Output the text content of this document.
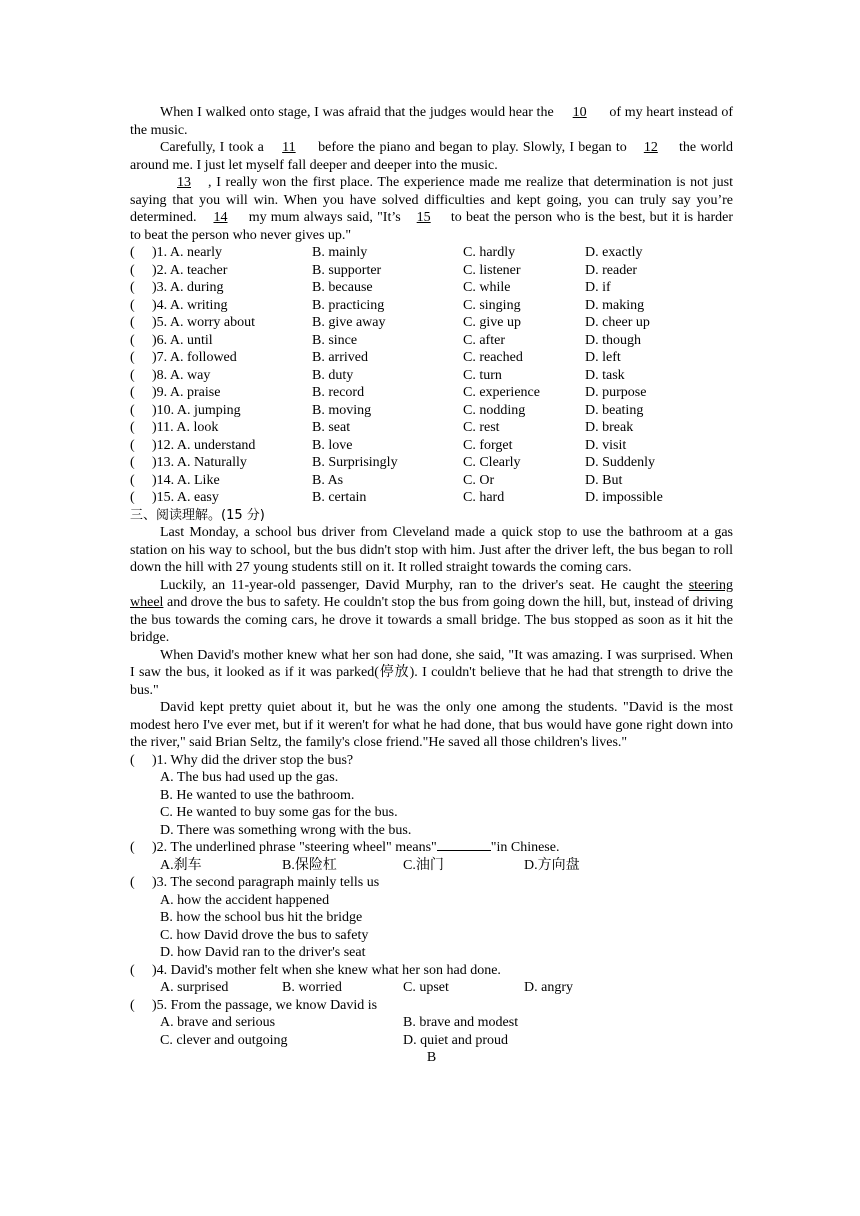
When I walked onto stage, I was afraid that the judges would hear the 10 of my heart instead of the music.

Carefully, I took a 11 before the piano and began to play. Slowly, I began to 12 the world around me. I just let myself fall deeper and deeper into the music.

13 , I really won the first place. The experience made me realize that determination is not just saying that you will win. When you have solved difficulties and kept going, you can truly say you’re determined. 14 my mum always said, "It’s 15 to beat the person who is the best, but it is harder to beat the person who never gives up."

( )1. A. nearly	B. mainly	C. hardly	D. exactly
( )2. A. teacher	B. supporter	C. listener	D. reader
( )3. A. during	B. because	C. while	D. if
( )4. A. writing	B. practicing	C. singing	D. making
( )5. A. worry about	B. give away	C. give up	D. cheer up
( )6. A. until	B. since	C. after	D. though
( )7. A. followed	B. arrived	C. reached	D. left
( )8. A. way	B. duty	C. turn	D. task
( )9. A. praise	B. record	C. experience	D. purpose
( )10. A. jumping	B. moving	C. nodding	D. beating
( )11. A. look	B. seat	C. rest	D. break
( )12. A. understand	B. love	C. forget	D. visit
( )13. A. Naturally	B. Surprisingly	C. Clearly	D. Suddenly
( )14. A. Like	B. As	C. Or	D. But
( )15. A. easy	B. certain	C. hard	D. impossible
三、阅读理解。(15 分)

Last Monday, a school bus driver from Cleveland made a quick stop to use the bathroom at a gas station on his way to school, but the bus didn't stop with him. Just after the driver left, the bus began to roll down the hill with 27 young students still on it. It rolled straight towards the coming cars.

Luckily, an 11-year-old passenger, David Murphy, ran to the driver's seat. He caught the steering wheel and drove the bus to safety. He couldn't stop the bus from going down the hill, but, instead of driving the bus towards the coming cars, he drove it towards a small bridge. The bus stopped as soon as it hit the bridge.

When David's mother knew what her son had done, she said, "It was amazing. I was surprised. When I saw the bus, it looked as if it was parked(停放). I couldn't believe that he had that strength to drive the bus."

David kept pretty quiet about it, but he was the only one among the students. "David is the most modest hero I've ever met, but if it weren't for what he had done, that bus would have gone right down into the river," said Brian Seltz, the family's close friend."He saved all those children's lives."

( )1. Why did the driver stop the bus?
A. The bus had used up the gas.
B. He wanted to use the bathroom.
C. He wanted to buy some gas for the bus.
D. There was something wrong with the bus.
( )2. The underlined phrase "steering wheel" means"	"in Chinese.
A.刹车	B.保险杠	C.油门	D.方向盘
( )3. The second paragraph mainly tells us
A. how the accident happened
B. how the school bus hit the bridge
C. how David drove the bus to safety
D. how David ran to the driver's seat
( )4. David's mother felt when she knew what her son had done.
A. surprised	B. worried	C. upset	D. angry
( )5. From the passage, we know David is
A. brave and serious	B. brave and modest
C. clever and outgoing	D. quiet and proud
B
